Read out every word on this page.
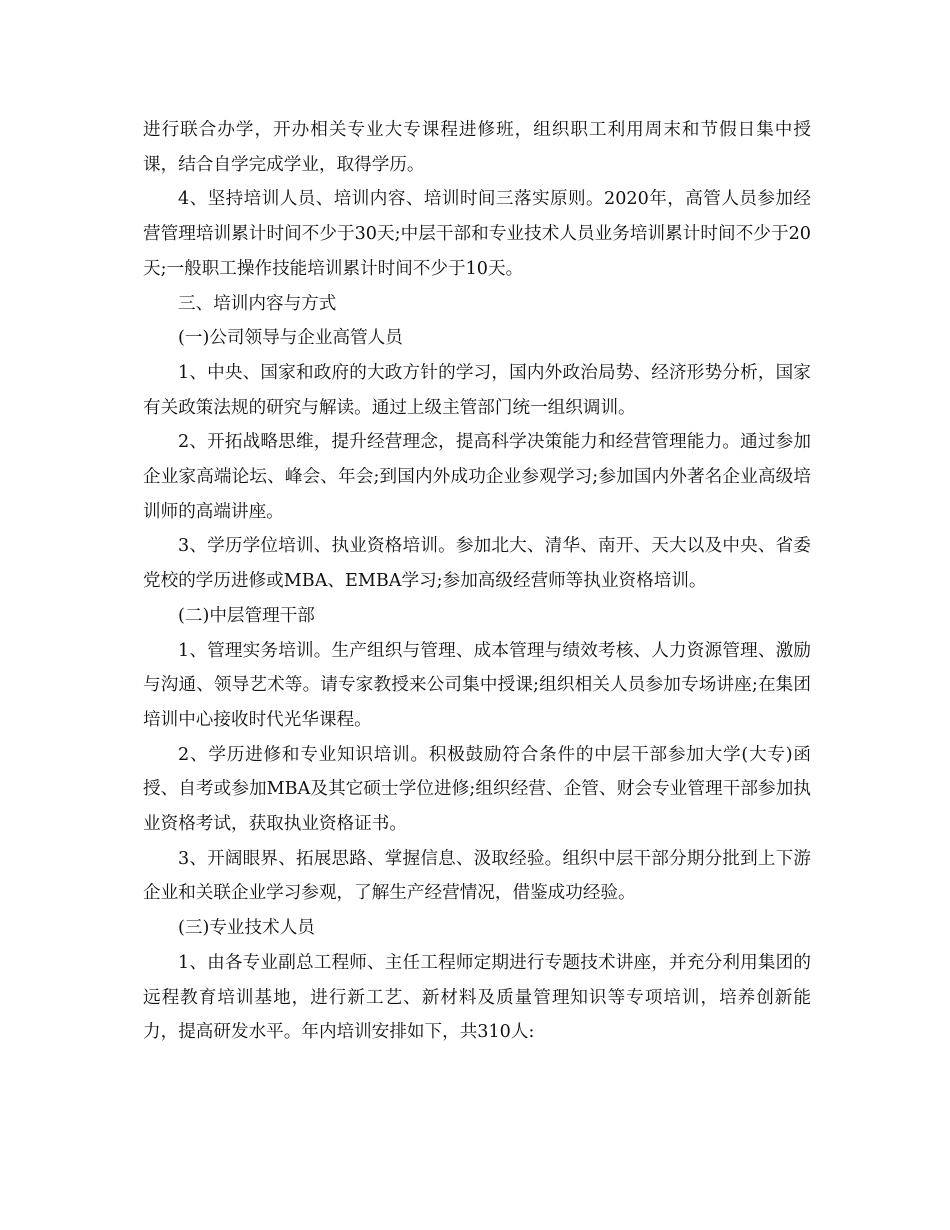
进行联合办学，开办相关专业大专课程进修班，组织职工利用周末和节假日集中授课，结合自学完成学业，取得学历。

4、坚持培训人员、培训内容、培训时间三落实原则。2020年，高管人员参加经营管理培训累计时间不少于30天;中层干部和专业技术人员业务培训累计时间不少于20天;一般职工操作技能培训累计时间不少于10天。

三、培训内容与方式

(一)公司领导与企业高管人员

1、中央、国家和政府的大政方针的学习，国内外政治局势、经济形势分析，国家有关政策法规的研究与解读。通过上级主管部门统一组织调训。

2、开拓战略思维，提升经营理念，提高科学决策能力和经营管理能力。通过参加企业家高端论坛、峰会、年会;到国内外成功企业参观学习;参加国内外著名企业高级培训师的高端讲座。

3、学历学位培训、执业资格培训。参加北大、清华、南开、天大以及中央、省委党校的学历进修或MBA、EMBA学习;参加高级经营师等执业资格培训。

(二)中层管理干部

1、管理实务培训。生产组织与管理、成本管理与绩效考核、人力资源管理、激励与沟通、领导艺术等。请专家教授来公司集中授课;组织相关人员参加专场讲座;在集团培训中心接收时代光华课程。

2、学历进修和专业知识培训。积极鼓励符合条件的中层干部参加大学(大专)函授、自考或参加MBA及其它硕士学位进修;组织经营、企管、财会专业管理干部参加执业资格考试，获取执业资格证书。

3、开阔眼界、拓展思路、掌握信息、汲取经验。组织中层干部分期分批到上下游企业和关联企业学习参观，了解生产经营情况，借鉴成功经验。

(三)专业技术人员

1、由各专业副总工程师、主任工程师定期进行专题技术讲座，并充分利用集团的远程教育培训基地，进行新工艺、新材料及质量管理知识等专项培训，培养创新能力，提高研发水平。年内培训安排如下，共310人:
